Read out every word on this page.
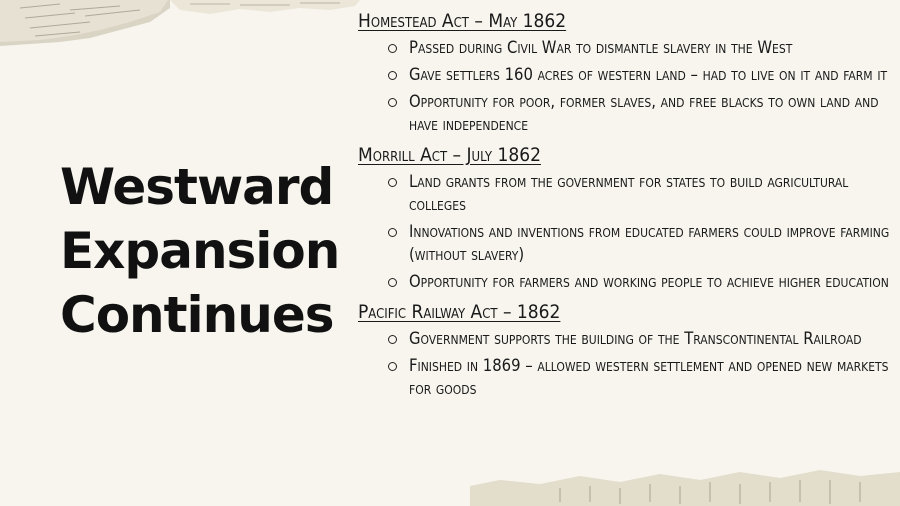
Westward
Expansion
Continues

Homestead Act – May 1862

Passed during Civil War to dismantle slavery in the West
Gave settlers 160 acres of western land – had to live on it and farm it
Opportunity for poor, former slaves, and free blacks to own land and have independence

Morrill Act – July 1862

Land grants from the government for states to build agricultural colleges
Innovations and inventions from educated farmers could improve farming (without slavery)
Opportunity for farmers and working people to achieve higher education

Pacific Railway Act – 1862

Government supports the building of the Transcontinental Railroad
Finished in 1869 – allowed western settlement and opened new markets for goods
